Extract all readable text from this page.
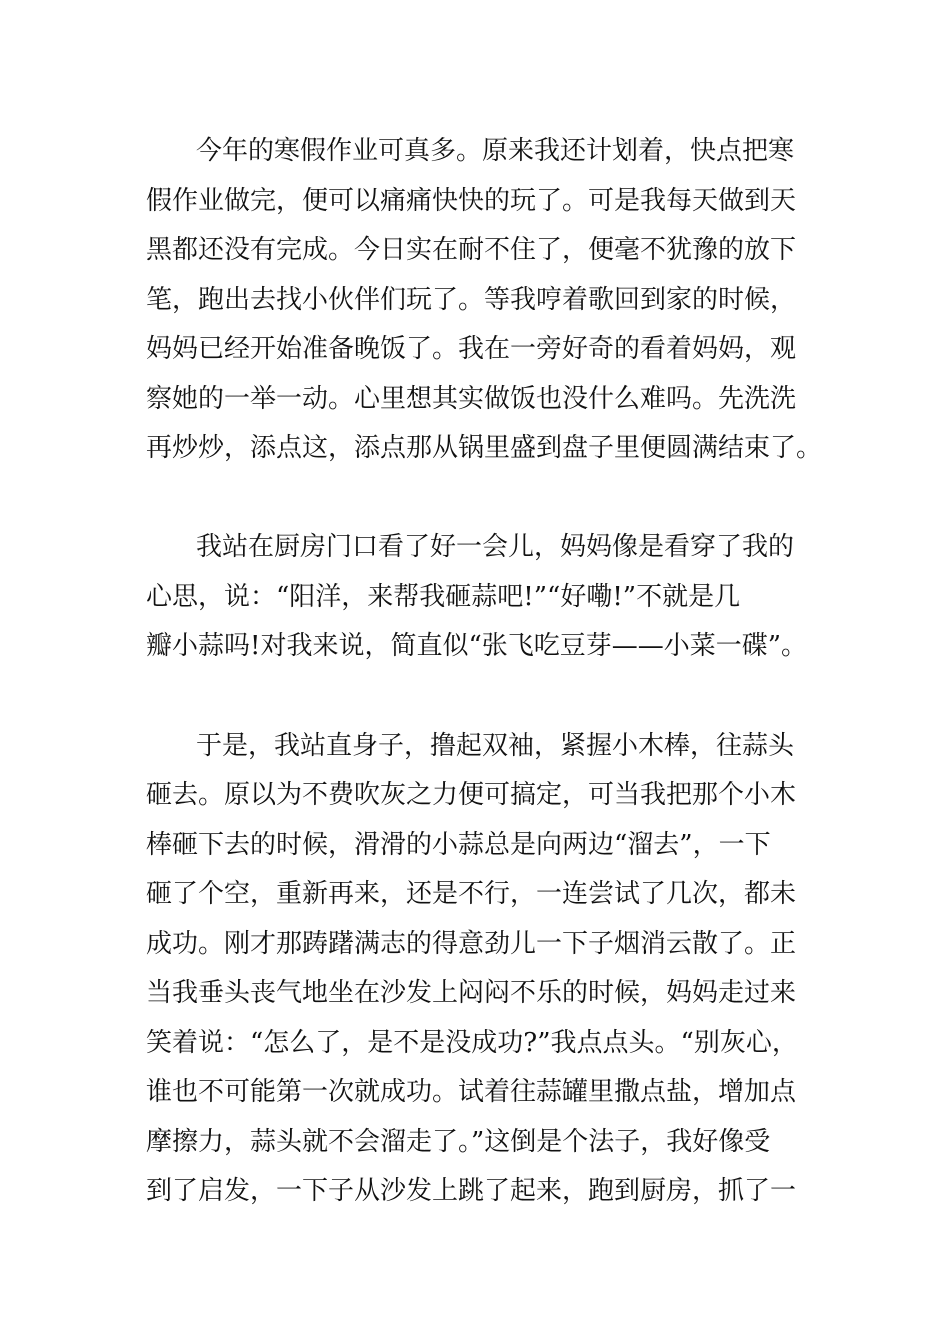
今年的寒假作业可真多。原来我还计划着，快点把寒

假作业做完，便可以痛痛快快的玩了。可是我每天做到天

黑都还没有完成。今日实在耐不住了，便毫不犹豫的放下

笔，跑出去找小伙伴们玩了。等我哼着歌回到家的时候，

妈妈已经开始准备晚饭了。我在一旁好奇的看着妈妈，观

察她的一举一动。心里想其实做饭也没什么难吗。先洗洗

再炒炒，添点这，添点那从锅里盛到盘子里便圆满结束了。

我站在厨房门口看了好一会儿，妈妈像是看穿了我的

心思，说：“阳洋，来帮我砸蒜吧!”“好嘞!”不就是几

瓣小蒜吗!对我来说，简直似“张飞吃豆芽——小菜一碟”。

于是，我站直身子，撸起双袖，紧握小木棒，往蒜头

砸去。原以为不费吹灰之力便可搞定，可当我把那个小木

棒砸下去的时候，滑滑的小蒜总是向两边“溜去”，一下

砸了个空，重新再来，还是不行，一连尝试了几次，都未

成功。刚才那踌躇满志的得意劲儿一下子烟消云散了。正

当我垂头丧气地坐在沙发上闷闷不乐的时候，妈妈走过来

笑着说：“怎么了，是不是没成功?”我点点头。“别灰心，

谁也不可能第一次就成功。试着往蒜罐里撒点盐，增加点

摩擦力，蒜头就不会溜走了。”这倒是个法子，我好像受

到了启发，一下子从沙发上跳了起来，跑到厨房，抓了一
